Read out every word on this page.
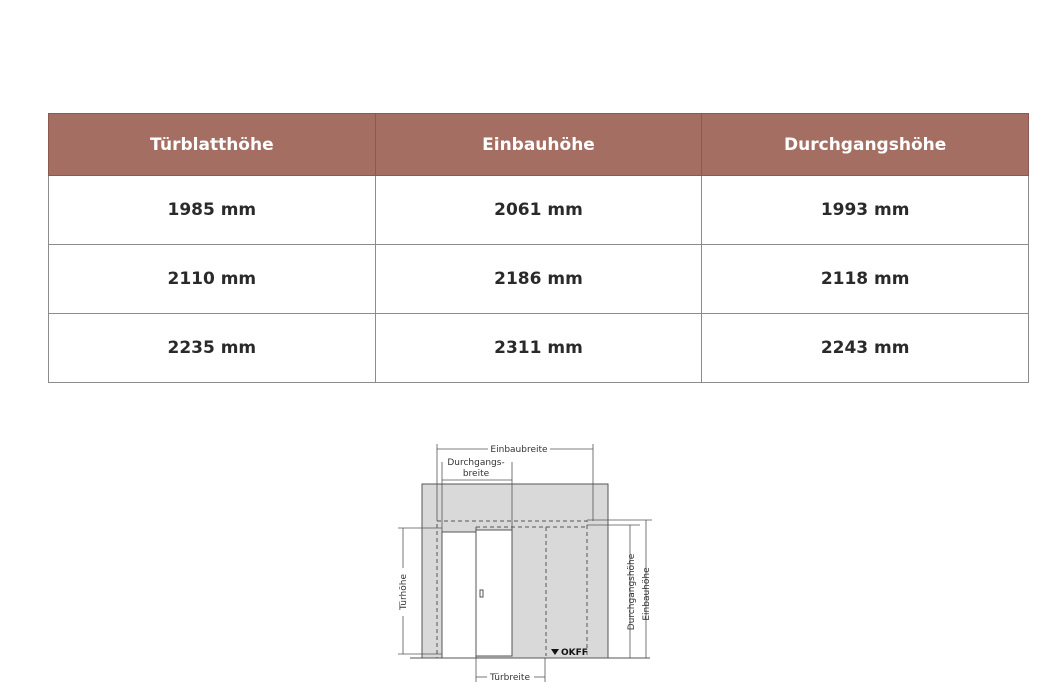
Türblatthöhe	Einbauhöhe	Durchgangshöhe
1985 mm	2061 mm	1993 mm
2110 mm	2186 mm	2118 mm
2235 mm	2311 mm	2243 mm
Einbaubreite
Durchgangs-
breite
Türhöhe	Durchgangshöhe Einbauhöhe
OKFF
Türbreite
